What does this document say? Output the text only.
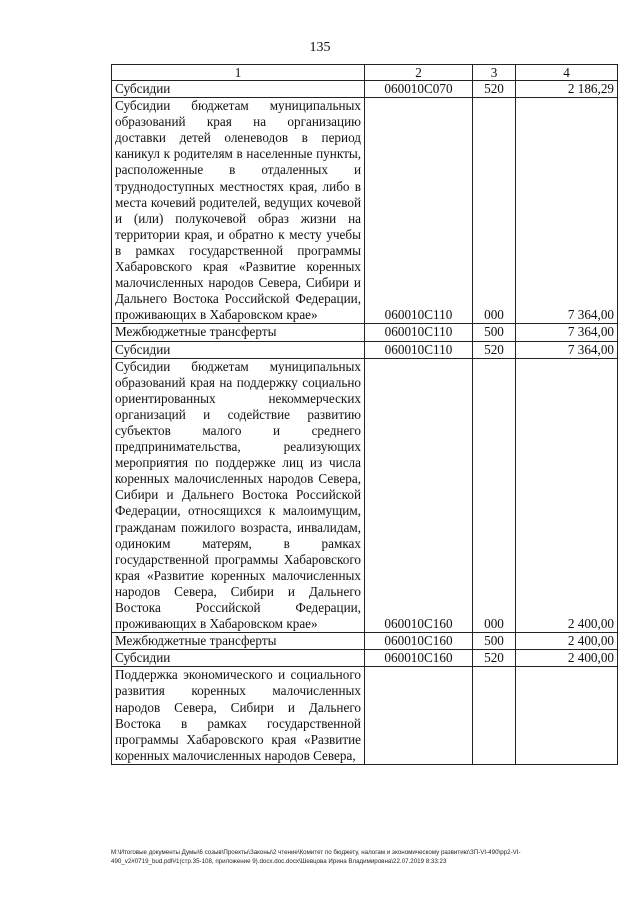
135
1	2	3	4
Субсидии	060010С070	520	2 186,29
Субсидии бюджетам муниципальных образований края на организацию доставки детей оленеводов в период каникул к родителям в населенные пункты, расположенные в отдаленных и труднодоступных местностях края, либо в места кочевий родителей, ведущих кочевой и (или) полукочевой образ жизни на территории края, и обратно к месту учебы в рамках государственной программы Хабаровского края «Развитие коренных малочисленных народов Севера, Сибири и Дальнего Востока Российской Федерации, проживающих в Хабаровском крае»	060010С110	000	7 364,00
Межбюджетные трансферты	060010С110	500	7 364,00
Субсидии	060010С110	520	7 364,00
Субсидии бюджетам муниципальных образований края на поддержку социально ориентированных некоммерческих организаций и содействие развитию субъектов малого и среднего предпринимательства, реализующих мероприятия по поддержке лиц из числа коренных малочисленных народов Севера, Сибири и Дальнего Востока Российской Федерации, относящихся к малоимущим, гражданам пожилого возраста, инвалидам, одиноким матерям, в рамках государственной программы Хабаровского края «Развитие коренных малочисленных народов Севера, Сибири и Дальнего Востока Российской Федерации, проживающих в Хабаровском крае»	060010С160	000	2 400,00
Межбюджетные трансферты	060010С160	500	2 400,00
Субсидии	060010С160	520	2 400,00
Поддержка экономического и социального развития коренных малочисленных народов Севера, Сибири и Дальнего Востока в рамках государственной программы Хабаровского края «Развитие коренных малочисленных народов Севера,			
М:\Итоговые документы Думы\6 созыв\Проекты\Законы\2 чтение\Комитет по бюджету, налогам и экономическому развитию\ЗП-VI-490\рр2-VI-
490_v2#0719_bud.pdf#1(стр.35-108, приложение 9).docx.doc.docx\Шевцова Ирина Владимировна\22.07.2019 8:33:23
